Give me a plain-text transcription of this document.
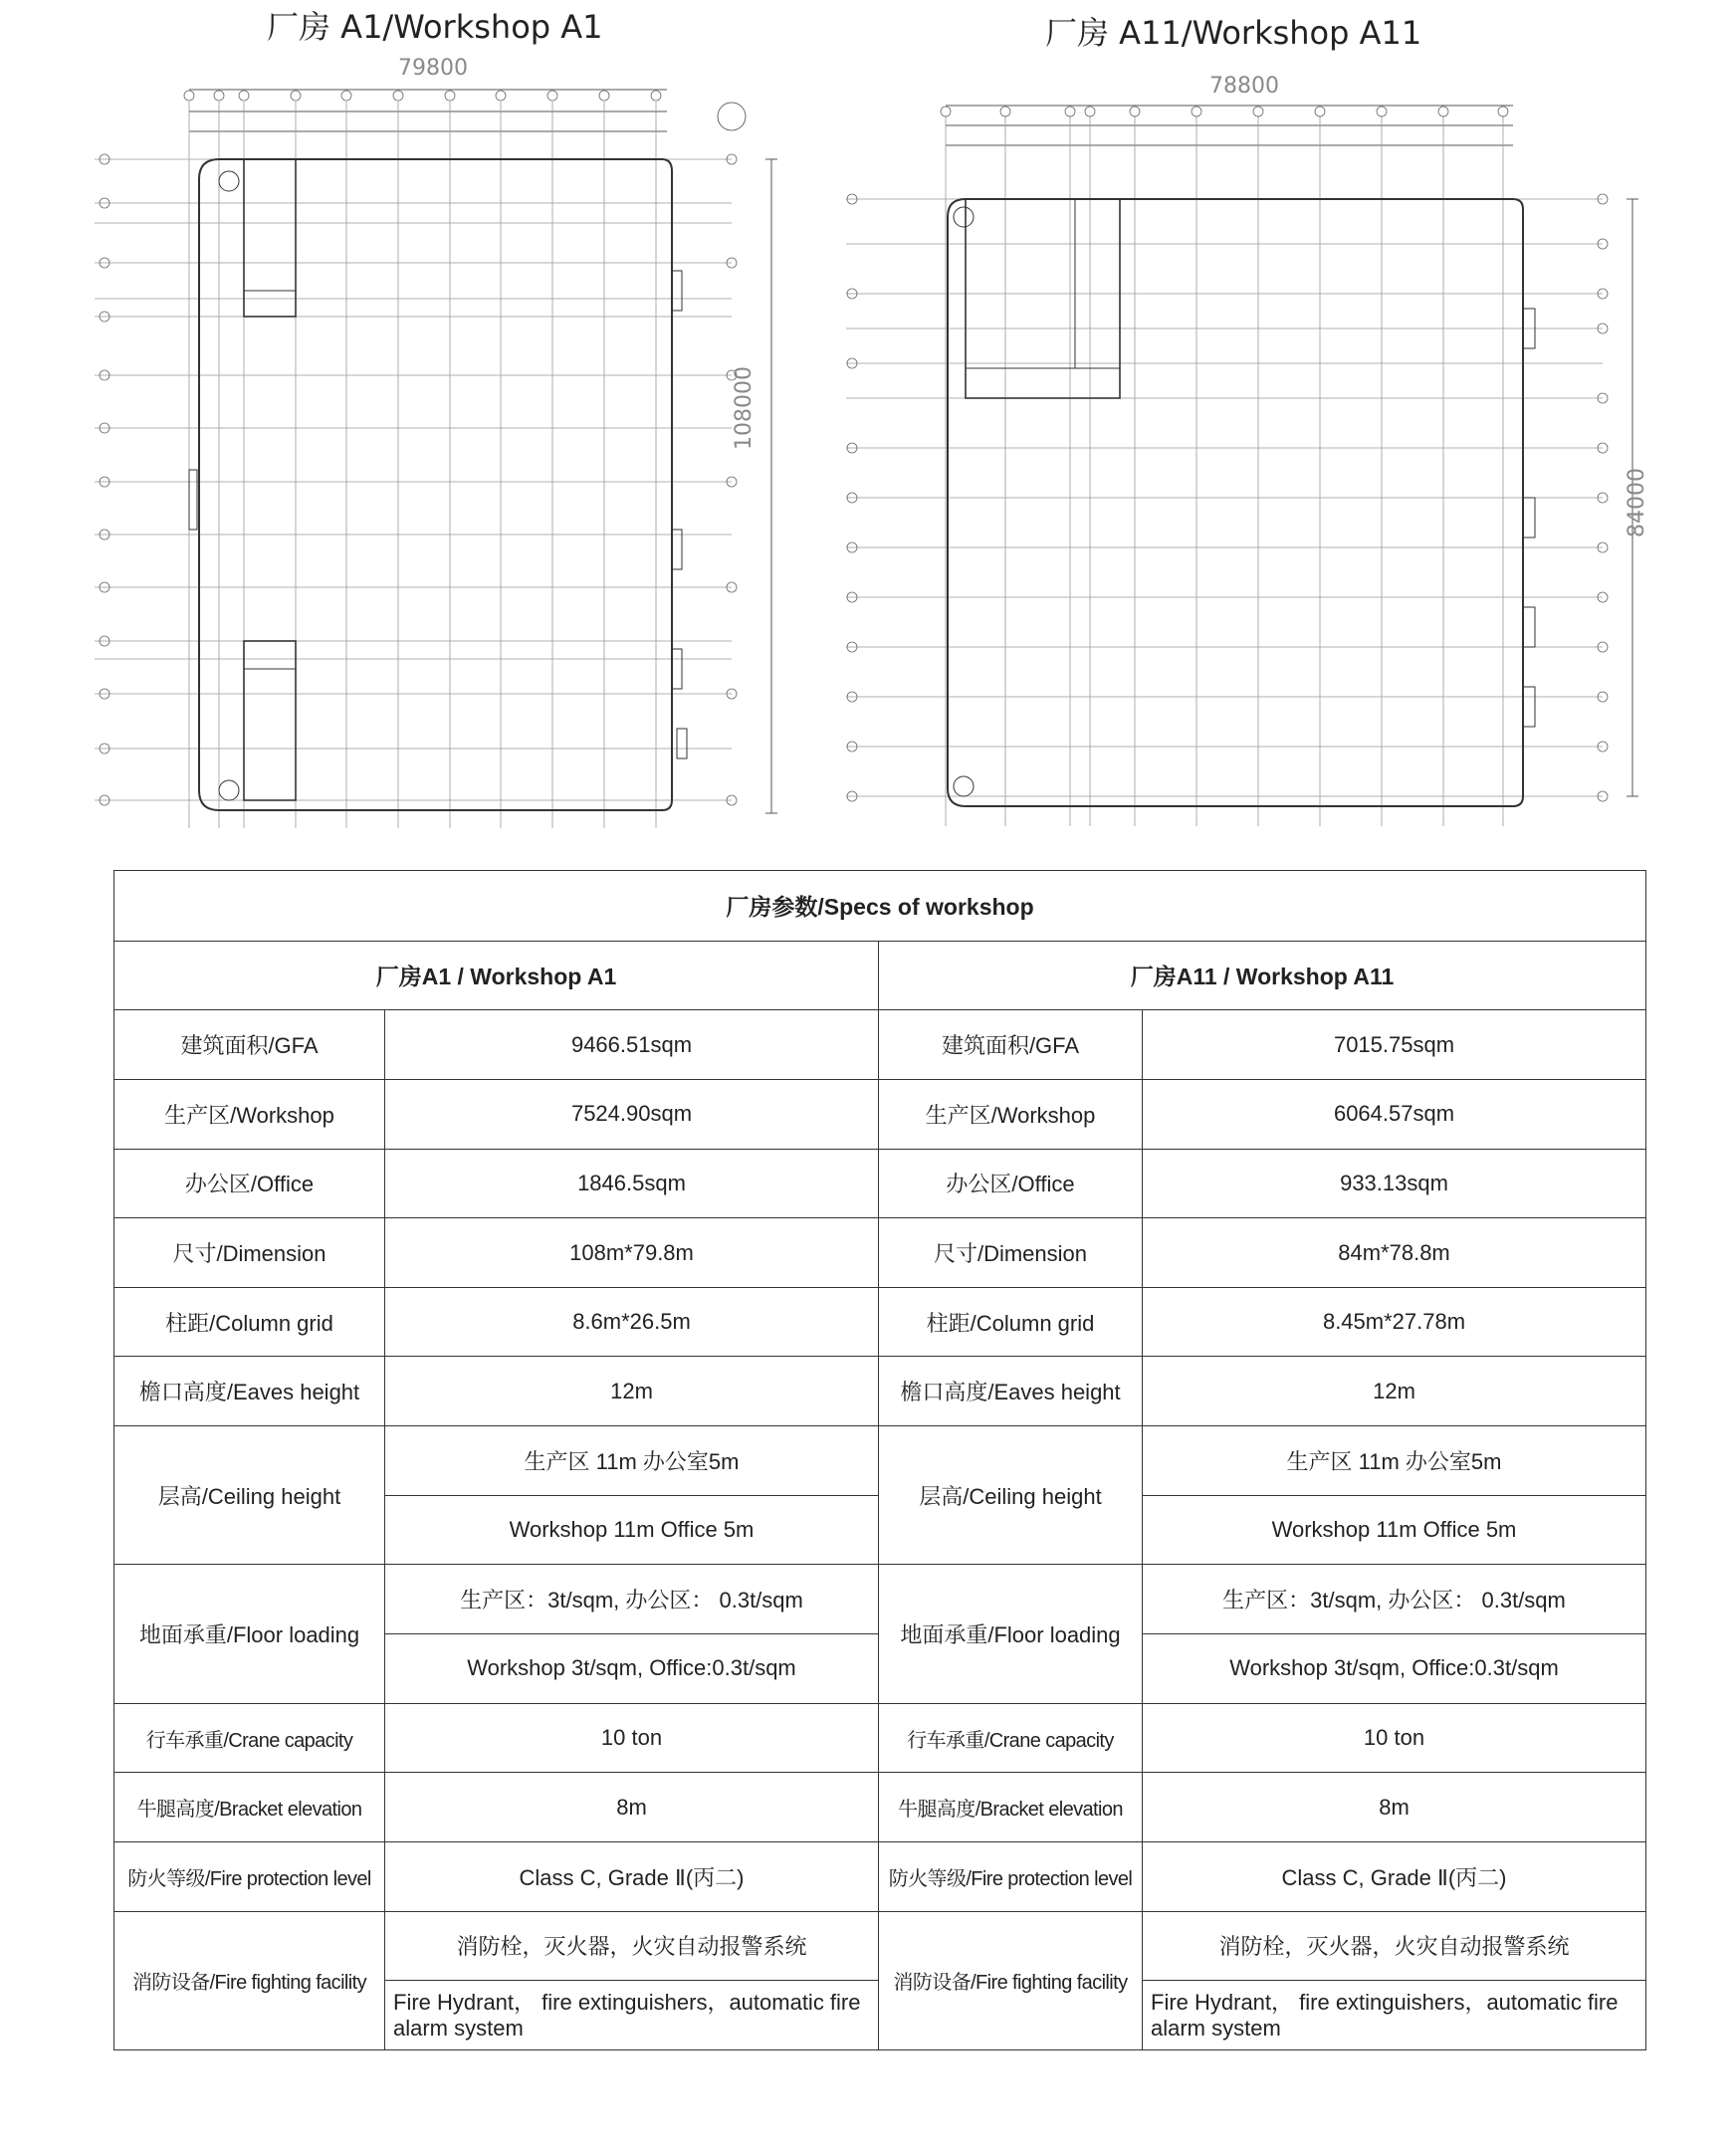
厂房 A1/Workshop A1	厂房 A11/Workshop A11
79800
108000
78800
84000
厂房参数/Specs of workshop			
厂房A1 / Workshop A1		厂房A11 / Workshop A11	
建筑面积/GFA	9466.51sqm	建筑面积/GFA	7015.75sqm
生产区/Workshop	7524.90sqm	生产区/Workshop	6064.57sqm
办公区/Office	1846.5sqm	办公区/Office	933.13sqm
尺寸/Dimension	108m*79.8m	尺寸/Dimension	84m*78.8m
柱距/Column grid	8.6m*26.5m	柱距/Column grid	8.45m*27.78m
檐口高度/Eaves height	12m	檐口高度/Eaves height	12m
层高/Ceiling height	生产区 11m 办公室5m	层高/Ceiling height	生产区 11m 办公室5m
	Workshop 11m Office 5m		Workshop 11m Office 5m
地面承重/Floor loading	生产区：3t/sqm, 办公区： 0.3t/sqm	地面承重/Floor loading	生产区：3t/sqm, 办公区： 0.3t/sqm
	Workshop 3t/sqm, Office:0.3t/sqm		Workshop 3t/sqm, Office:0.3t/sqm
行车承重/Crane capacity	10 ton	行车承重/Crane capacity	10 ton
牛腿高度/Bracket elevation	8m	牛腿高度/Bracket elevation	8m
防火等级/Fire protection level	Class C, Grade Ⅱ(丙二)	防火等级/Fire protection level	Class C, Grade Ⅱ(丙二)
消防设备/Fire fighting facility	消防栓，灭火器，火灾自动报警系统	消防设备/Fire fighting facility	消防栓，灭火器，火灾自动报警系统
	Fire Hydrant， fire extinguishers，automatic fire alarm system		Fire Hydrant， fire extinguishers，automatic fire alarm system
